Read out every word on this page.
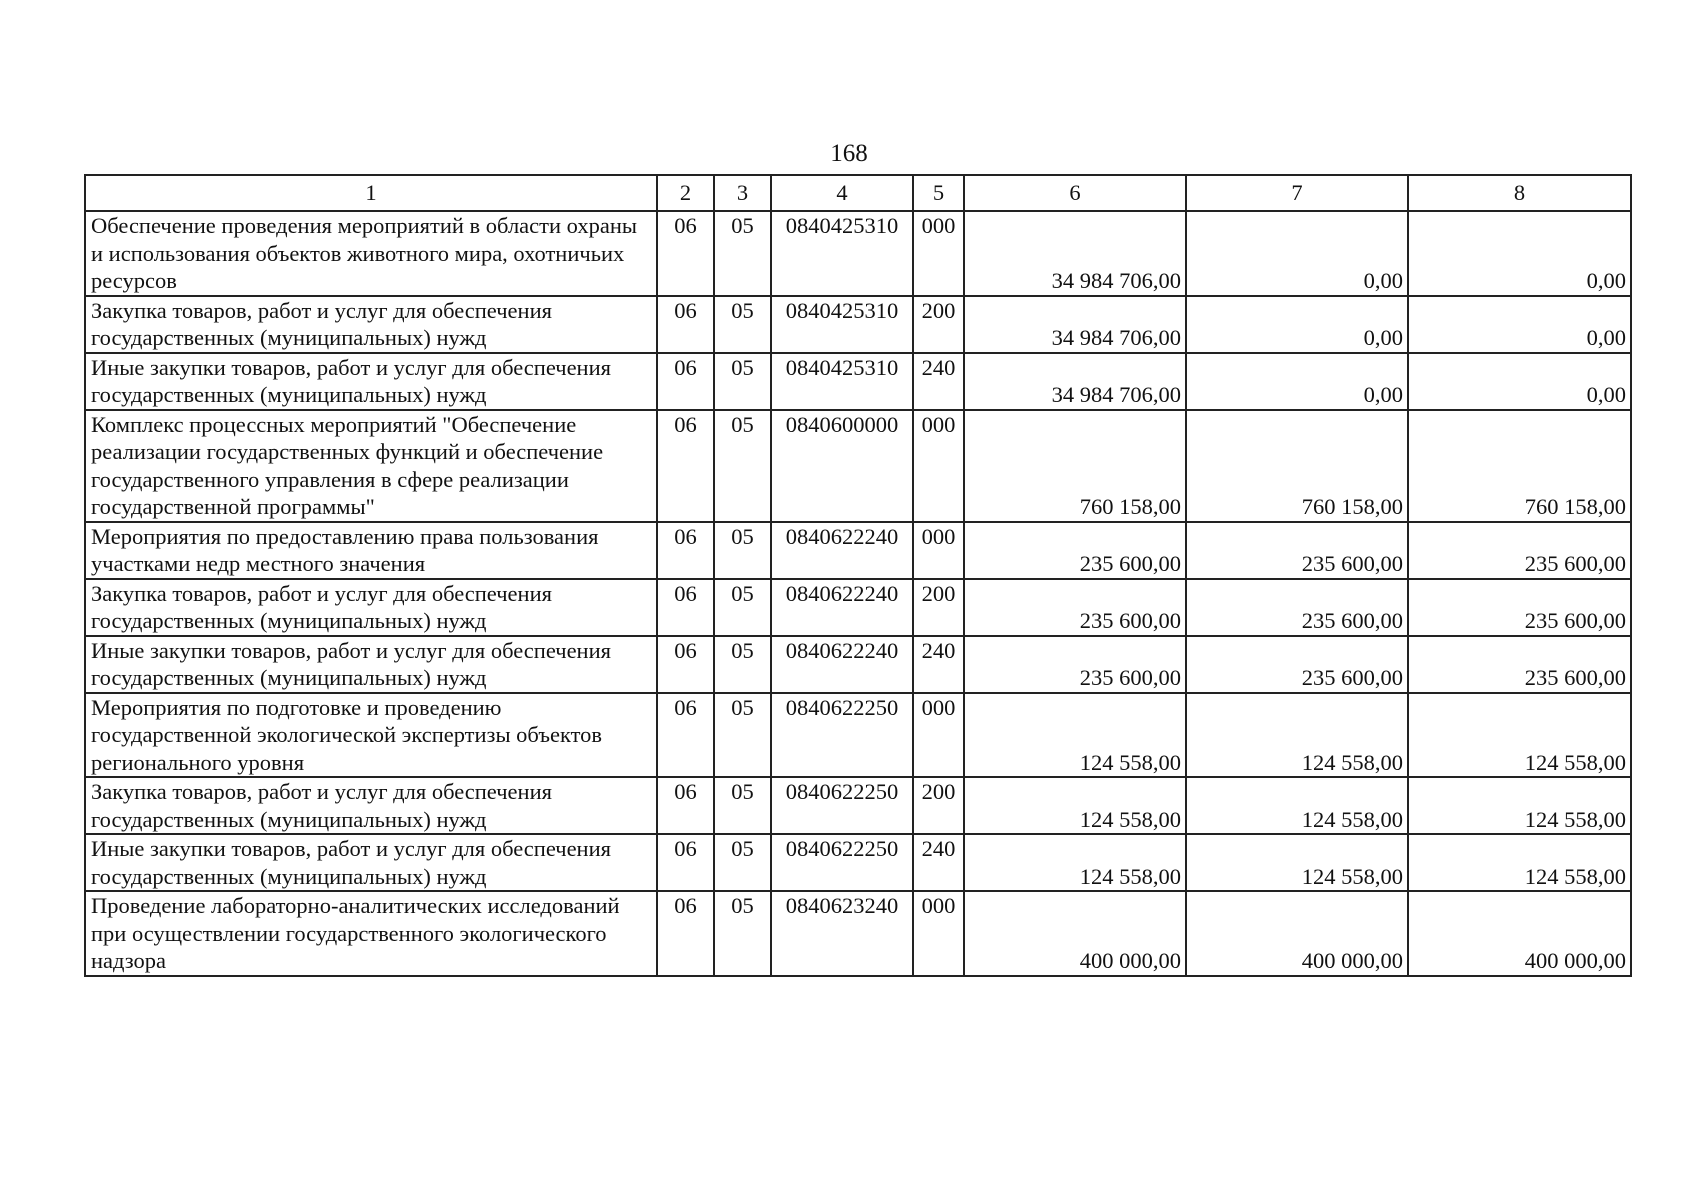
168
1	2	3	4	5	6	7	8
Обеспечение проведения мероприятий в области охраны и использования объектов животного мира, охотничьих ресурсов	06	05	0840425310	000	34 984 706,00	0,00	0,00
Закупка товаров, работ и услуг для обеспечения государственных (муниципальных) нужд	06	05	0840425310	200	34 984 706,00	0,00	0,00
Иные закупки товаров, работ и услуг для обеспечения государственных (муниципальных) нужд	06	05	0840425310	240	34 984 706,00	0,00	0,00
Комплекс процессных мероприятий "Обеспечение реализации государственных функций и обеспечение государственного управления в сфере реализации государственной программы"	06	05	0840600000	000	760 158,00	760 158,00	760 158,00
Мероприятия по предоставлению права пользования участками недр местного значения	06	05	0840622240	000	235 600,00	235 600,00	235 600,00
Закупка товаров, работ и услуг для обеспечения государственных (муниципальных) нужд	06	05	0840622240	200	235 600,00	235 600,00	235 600,00
Иные закупки товаров, работ и услуг для обеспечения государственных (муниципальных) нужд	06	05	0840622240	240	235 600,00	235 600,00	235 600,00
Мероприятия по подготовке и проведению государственной экологической экспертизы объектов регионального уровня	06	05	0840622250	000	124 558,00	124 558,00	124 558,00
Закупка товаров, работ и услуг для обеспечения государственных (муниципальных) нужд	06	05	0840622250	200	124 558,00	124 558,00	124 558,00
Иные закупки товаров, работ и услуг для обеспечения государственных (муниципальных) нужд	06	05	0840622250	240	124 558,00	124 558,00	124 558,00
Проведение лабораторно-аналитических исследований при осуществлении государственного экологического надзора	06	05	0840623240	000	400 000,00	400 000,00	400 000,00
